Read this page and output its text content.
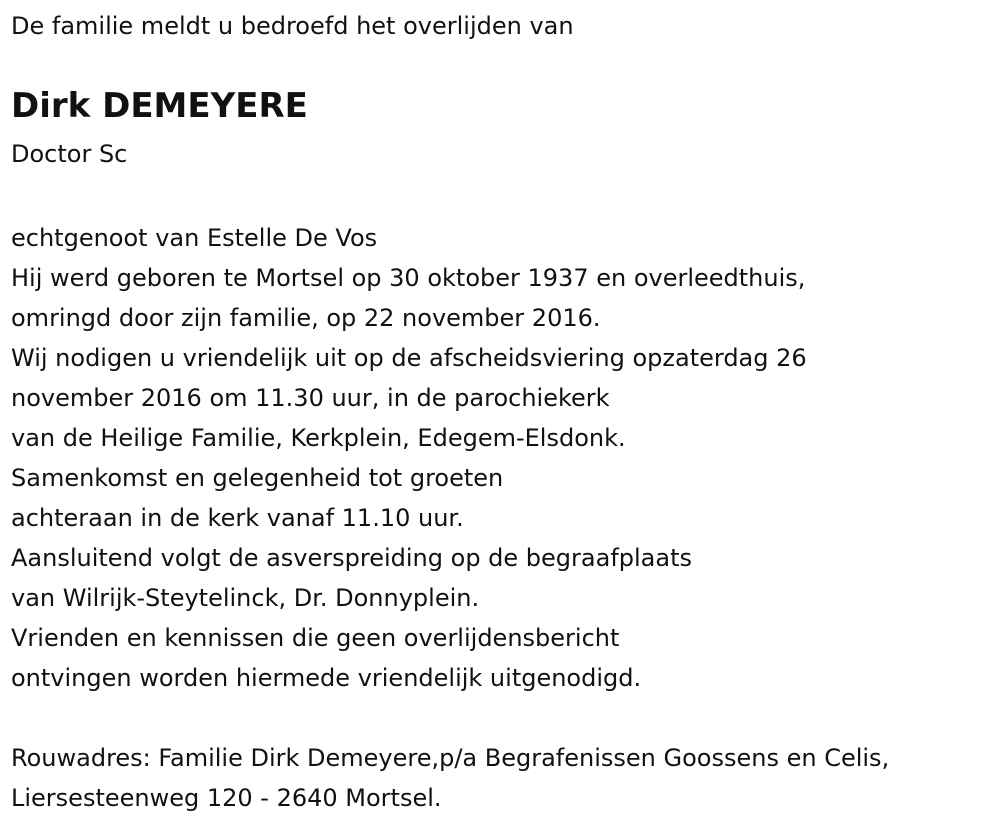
De familie meldt u bedroefd het overlijden van
Dirk DEMEYERE
Doctor Sc
echtgenoot van Estelle De Vos
Hij werd geboren te Mortsel op 30 oktober 1937 en overleedthuis,
omringd door zijn familie, op 22 november 2016.
Wij nodigen u vriendelijk uit op de afscheidsviering opzaterdag 26
november 2016 om 11.30 uur, in de parochiekerk
van de Heilige Familie, Kerkplein, Edegem-Elsdonk.
Samenkomst en gelegenheid tot groeten
achteraan in de kerk vanaf 11.10 uur.
Aansluitend volgt de asverspreiding op de begraafplaats
van Wilrijk-Steytelinck, Dr. Donnyplein.
Vrienden en kennissen die geen overlijdensbericht
ontvingen worden hiermede vriendelijk uitgenodigd.
Rouwadres: Familie Dirk Demeyere,p/a Begrafenissen Goossens en Celis,
Liersesteenweg 120 - 2640 Mortsel.
